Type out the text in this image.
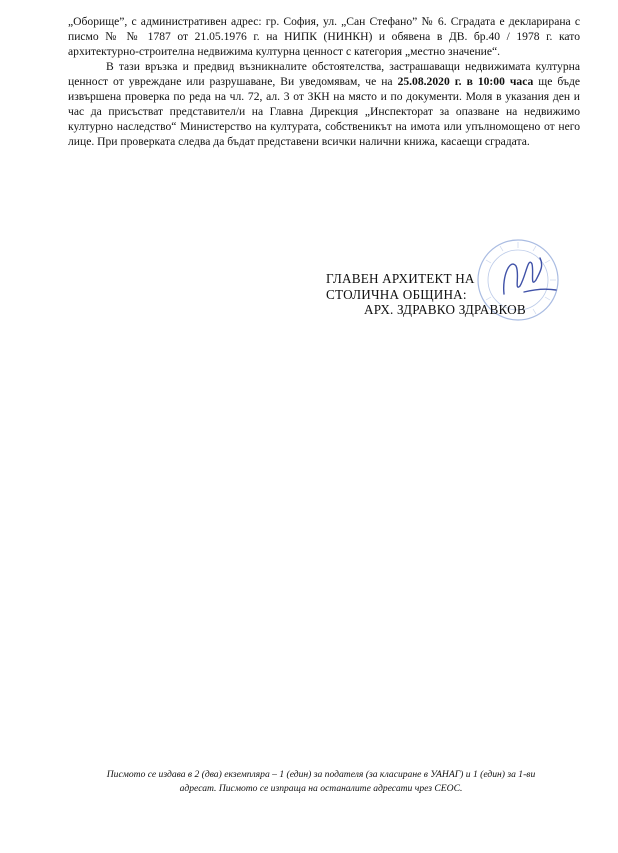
„Оборище”, с административен адрес: гр. София, ул. „Сан Стефано” № 6. Сградата е декларирана с писмо № № 1787 от 21.05.1976 г. на НИПК (НИНКН) и обявена в ДВ. бр.40 / 1978 г. като архитектурно-строителна недвижима културна ценност с категория „местно значение“.

В тази връзка и предвид възникналите обстоятелства, застрашаващи недвижимата културна ценност от увреждане или разрушаване, Ви уведомявам, че на 25.08.2020 г. в 10:00 часа ще бъде извършена проверка по реда на чл. 72, ал. 3 от ЗКН на място и по документи. Моля в указания ден и час да присъстват представител/и на Главна Дирекция „Инспекторат за опазване на недвижимо културно наследство“ Министерство на културата, собственикът на имота или упълномощено от него лице. При проверката следва да бъдат представени всички налични книжа, касаещи сградата.

ГЛАВЕН АРХИТЕКТ НА
СТОЛИЧНА ОБЩИНА:
АРХ. ЗДРАВКО ЗДРАВКОВ

Писмото се издава в 2 (два) екземпляра – 1 (един) за подателя (за класиране в УАНАГ) и 1 (един) за 1-ви

адресат. Писмото се изпраща на останалите адресати чрез СЕОС.
